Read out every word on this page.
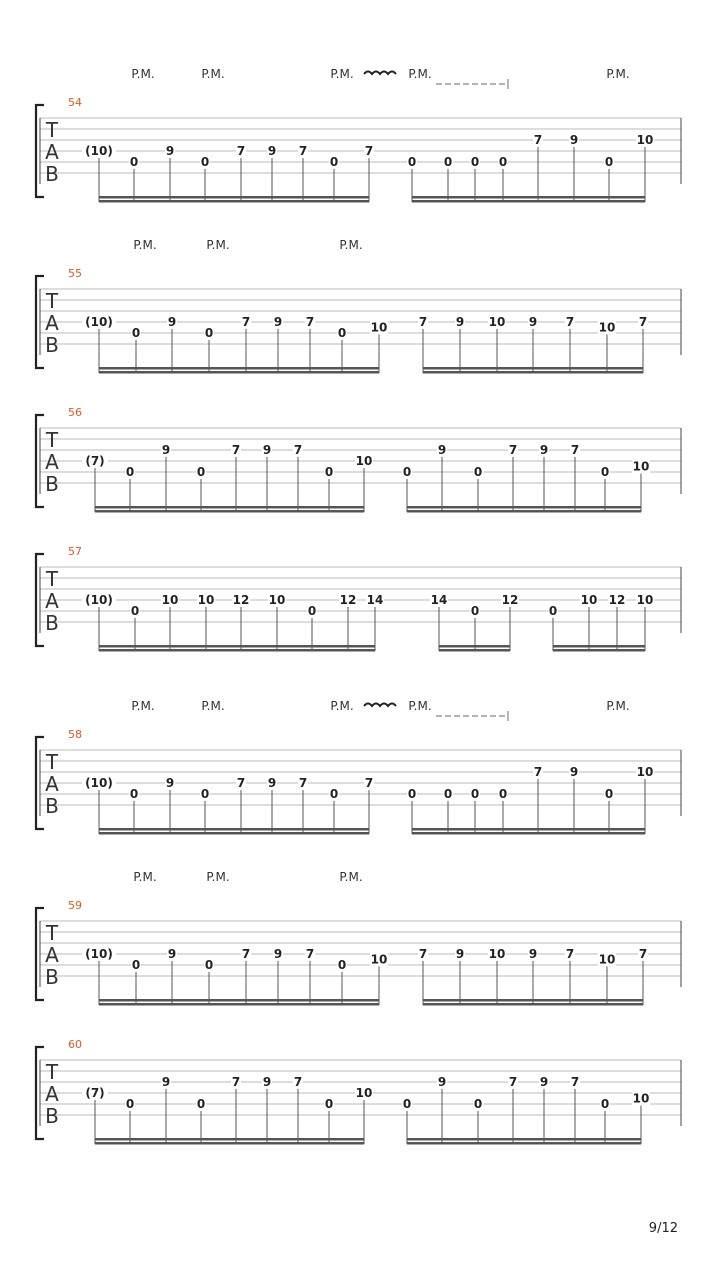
T
A
B
54
P.M.	P.M.	P.M.	P.M.	P.M.
(10)
0
9
0
7 9 7
0
7
0 0 0 0
7 9
0
10
T
A
B
55
P.M.	P.M.	P.M.
(10)
0
9
0
7 9 7
0 10	7 9 10 9 7 10 7
T
A
B
56
(7)
0
9
0
7 9 7
0
10
0
9
0
7 9 7
0 10
T
A
B
57
(10)
0
10 10 12 10
0
12 14	14
0
12
0
10 12 10
T
A
B
58
P.M.	P.M.	P.M.	P.M.	P.M.
(10)
0
9
0
7 9 7
0
7
0 0 0 0
7 9
0
10
T
A
B
59
P.M.	P.M.	P.M.
(10)
0
9
0
7 9 7
0 10	7 9 10 9 7 10 7
T
A
B
60
(7)
0
9
0
7 9 7
0
10
0
9
0
7 9 7
0 10
9/12
